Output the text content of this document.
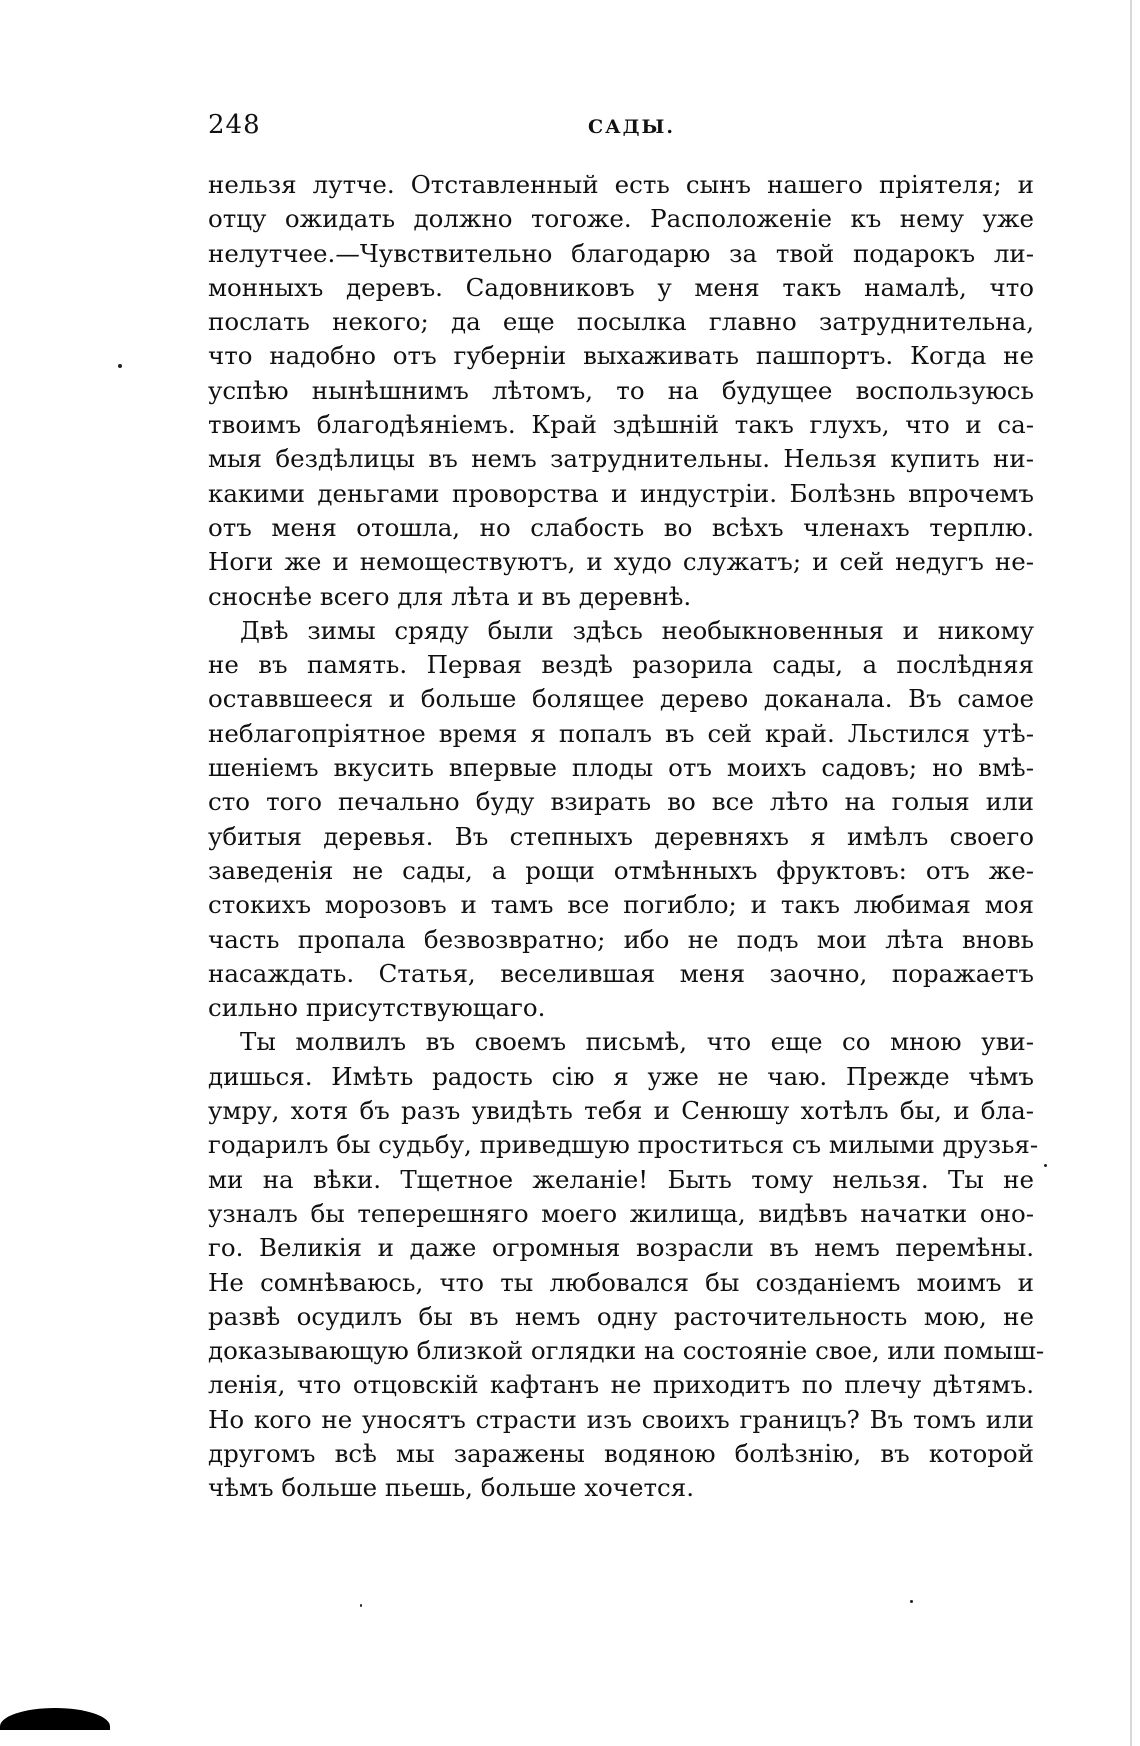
248	САДЫ.
нельзя лутче. Отставленный есть сынъ нашего пріятеля; и
отцу ожидать должно тогоже. Расположеніе къ нему уже
нелутчее.—Чувствительно благодарю за твой подарокъ ли-
монныхъ деревъ. Садовниковъ у меня такъ намалѣ, что
послать некого; да еще посылка главно затруднительна,
что надобно отъ губерніи выхаживать пашпортъ. Когда не
успѣю нынѣшнимъ лѣтомъ, то на будущее воспользуюсь
твоимъ благодѣяніемъ. Край здѣшній такъ глухъ, что и са-
мыя бездѣлицы въ немъ затруднительны. Нельзя купить ни-
какими деньгами проворства и индустріи. Болѣзнь впрочемъ
отъ меня отошла, но слабость во всѣхъ членахъ терплю.
Ноги же и немоществуютъ, и худо служатъ; и сей недугъ не-
сноснѣе всего для лѣта и въ деревнѣ.
Двѣ зимы сряду были здѣсь необыкновенныя и никому
не въ память. Первая вездѣ разорила сады, а послѣдняя
оставвшееся и больше болящее дерево доканала. Въ самое
неблагопріятное время я попалъ въ сей край. Льстился утѣ-
шеніемъ вкусить впервые плоды отъ моихъ садовъ; но вмѣ-
сто того печально буду взирать во все лѣто на голыя или
убитыя деревья. Въ степныхъ деревняхъ я имѣлъ своего
заведенія не сады, а рощи отмѣнныхъ фруктовъ: отъ же-
стокихъ морозовъ и тамъ все погибло; и такъ любимая моя
часть пропала безвозвратно; ибо не подъ мои лѣта вновь
насаждать. Статья, веселившая меня заочно, поражаетъ
сильно присутствующаго.
Ты молвилъ въ своемъ письмѣ, что еще со мною уви-
дишься. Имѣть радость сію я уже не чаю. Прежде чѣмъ
умру, хотя бъ разъ увидѣть тебя и Сенюшу хотѣлъ бы, и бла-
годарилъ бы судьбу, приведшую проститься съ милыми друзья-
ми на вѣки. Тщетное желаніе! Быть тому нельзя. Ты не
узналъ бы теперешняго моего жилища, видѣвъ начатки оно-
го. Великія и даже огромныя возрасли въ немъ перемѣны.
Не сомнѣваюсь, что ты любовался бы созданіемъ моимъ и
развѣ осудилъ бы въ немъ одну расточительность мою, не
доказывающую близкой оглядки на состояніе свое, или помыш-
ленія, что отцовскій кафтанъ не приходитъ по плечу дѣтямъ.
Но кого не уносятъ страсти изъ своихъ границъ? Въ томъ или
другомъ всѣ мы заражены водяною болѣзнію, въ которой
чѣмъ больше пьешь, больше хочется.
